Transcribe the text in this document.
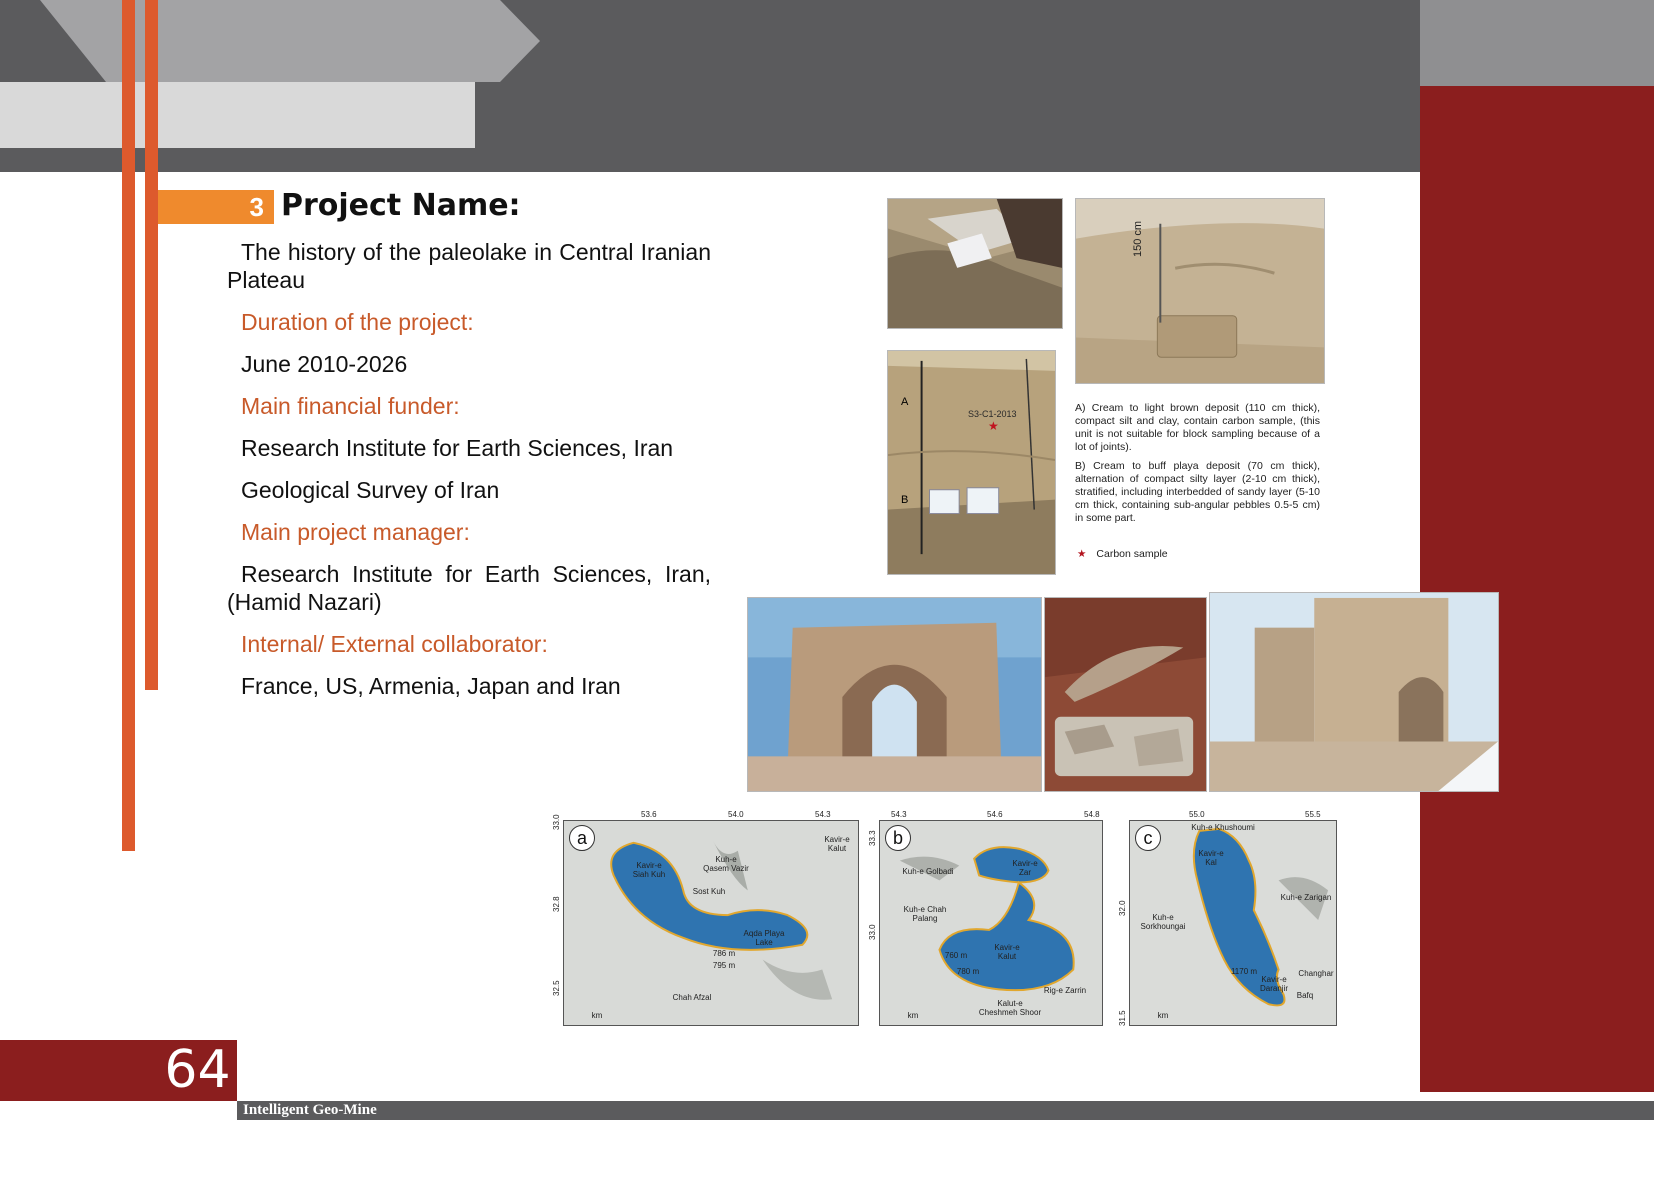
3 Project Name:

The history of the paleolake in Central Iranian Plateau

Duration of the project:

June 2010-2026

Main financial funder:

Research Institute for Earth Sciences, Iran

Geological Survey of Iran

Main project manager:

Research Institute for Earth Sciences, Iran, (Hamid Nazari)

Internal/ External collaborator:

France, US, Armenia, Japan and Iran

150 cm
A
B
S3-C1-2013
★

A) Cream to light brown deposit (110 cm thick), compact silt and clay, contain carbon sample, (this unit is not suitable for block sampling because of a lot of joints).

B) Cream to buff playa deposit (70 cm thick), alternation of compact silty layer (2-10 cm thick), stratified, including interbedded of sandy layer (5-10 cm thick, containing sub-angular pebbles 0.5-5 cm) in some part.

★ Carbon sample
a
Kavir-e Siah Kuh
Kuh-e Qasem Vazir
Sost Kuh
Aqda Playa Lake
Kavir-e Kalut
Chah Afzal
786 m
795 m
km
53.6	54.0	54.3
33.0
32.8
32.5
b
Kuh-e Golbadi
Kavir-e Zar
Kuh-e Chah Palang
Kavir-e Kalut
Rig-e Zarrin
Kalut-e Cheshmeh Shoor
760 m
780 m
km
54.3	54.6	54.8
33.3
33.0
c
Kuh-e Khushoumi
Kavir-e Kal
Kuh-e Zarigan
Kuh-e Sorkhoungai
Kavir-e Daranjir
Changhar
Bafq
1170 m
km
55.0	55.5
32.0
31.5
64
Intelligent Geo-Mine
